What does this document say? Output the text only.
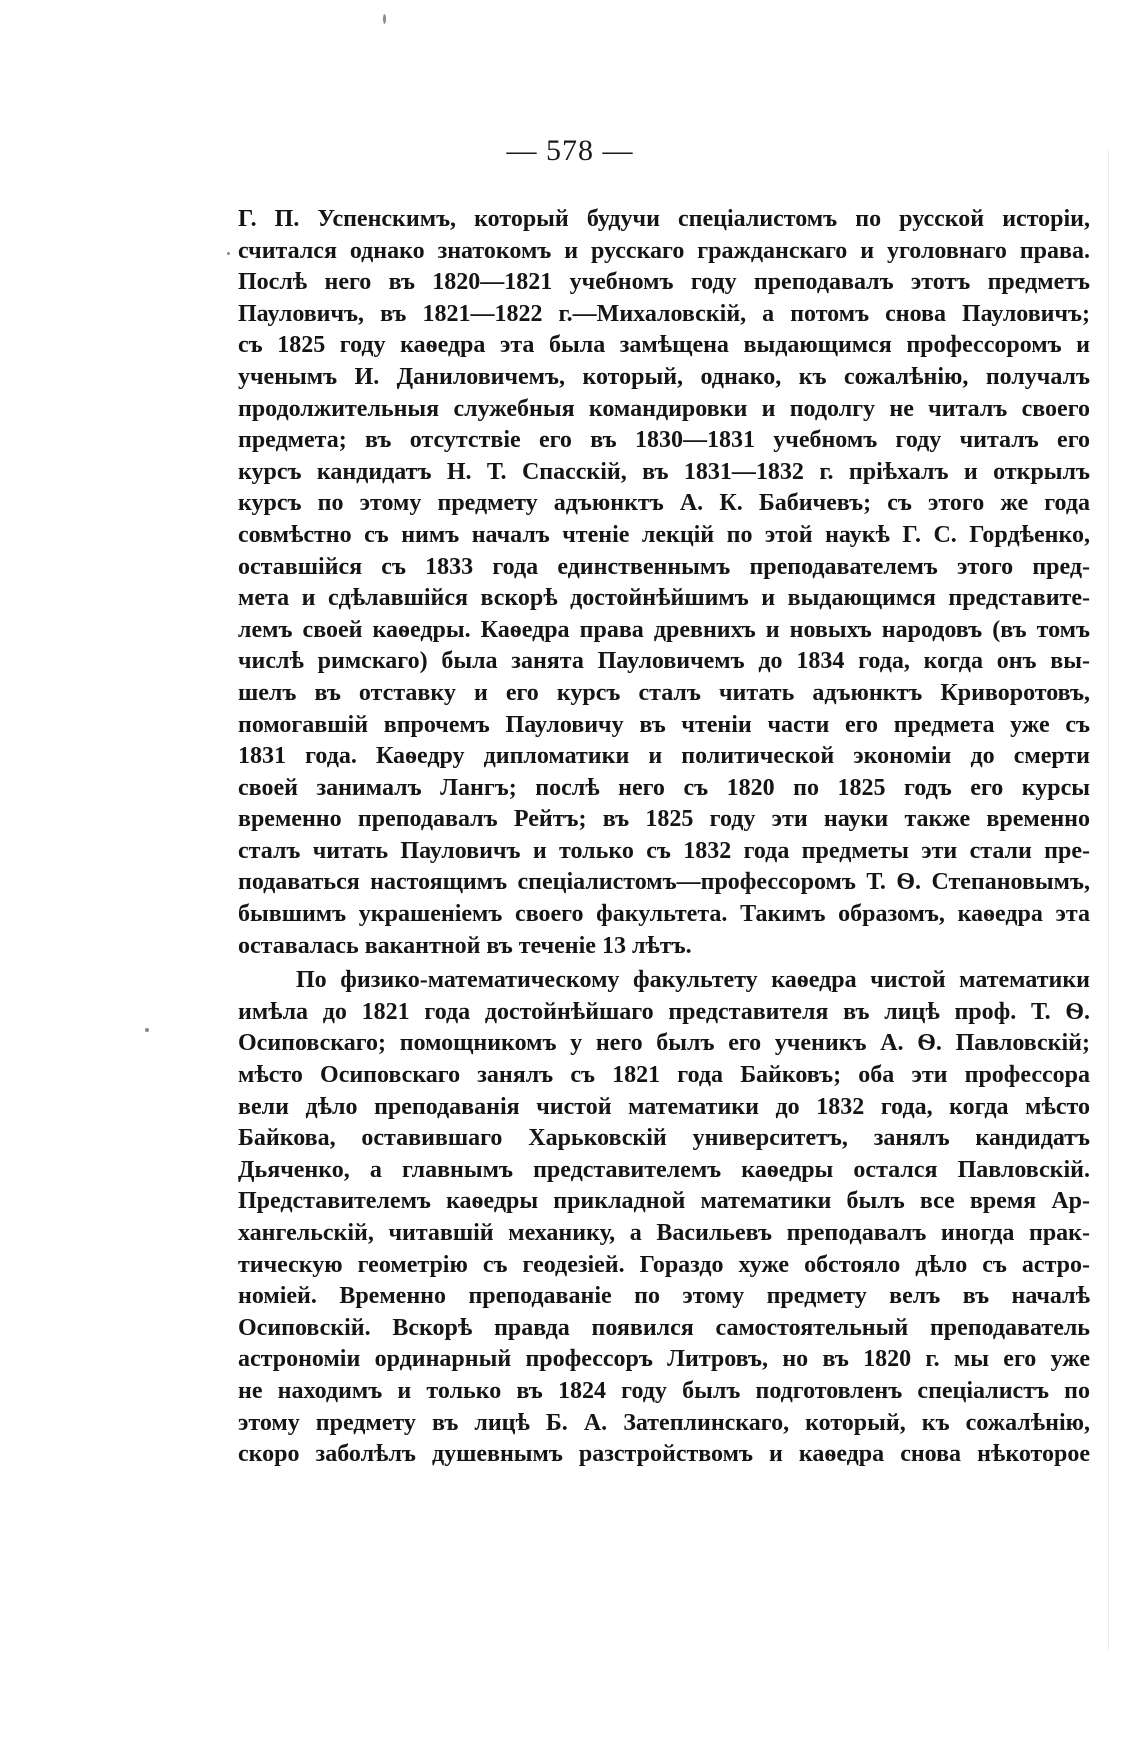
— 578 —
Г. П. Успенскимъ, который будучи спеціалистомъ по русской исторіи,
считался однако знатокомъ и русскаго гражданскаго и уголовнаго права.
Послѣ него въ 1820—1821 учебномъ году преподавалъ этотъ предметъ
Пауловичъ, въ 1821—1822 г.—Михаловскій, а потомъ снова Пауловичъ;
съ 1825 году каѳедра эта была замѣщена выдающимся профессоромъ и
ученымъ И. Даниловичемъ, который, однако, къ сожалѣнію, получалъ
продолжительныя служебныя командировки и подолгу не читалъ своего
предмета; въ отсутствіе его въ 1830—1831 учебномъ году читалъ его
курсъ кандидатъ Н. Т. Спасскій, въ 1831—1832 г. пріѣхалъ и открылъ
курсъ по этому предмету адъюнктъ А. К. Бабичевъ; съ этого же года
совмѣстно съ нимъ началъ чтеніе лекцій по этой наукѣ Г. С. Гордѣенко,
оставшійся съ 1833 года единственнымъ преподавателемъ этого пред-
мета и сдѣлавшійся вскорѣ достойнѣйшимъ и выдающимся представите-
лемъ своей каѳедры. Каѳедра права древнихъ и новыхъ народовъ (въ томъ
числѣ римскаго) была занята Пауловичемъ до 1834 года, когда онъ вы-
шелъ въ отставку и его курсъ сталъ читать адъюнктъ Криворотовъ,
помогавшій впрочемъ Пауловичу въ чтеніи части его предмета уже съ
1831 года. Каѳедру дипломатики и политической экономіи до смерти
своей занималъ Лангъ; послѣ него съ 1820 по 1825 годъ его курсы
временно преподавалъ Рейтъ; въ 1825 году эти науки также временно
сталъ читать Пауловичъ и только съ 1832 года предметы эти стали пре-
подаваться настоящимъ спеціалистомъ—профессоромъ Т. Ѳ. Степановымъ,
бывшимъ украшеніемъ своего факультета. Такимъ образомъ, каѳедра эта
оставалась вакантной въ теченіе 13 лѣтъ.
По физико-математическому факультету каѳедра чистой математики
имѣла до 1821 года достойнѣйшаго представителя въ лицѣ проф. Т. Ѳ.
Осиповскаго; помощникомъ у него былъ его ученикъ А. Ѳ. Павловскій;
мѣсто Осиповскаго занялъ съ 1821 года Байковъ; оба эти профессора
вели дѣло преподаванія чистой математики до 1832 года, когда мѣсто
Байкова, оставившаго Харьковскій университетъ, занялъ кандидатъ
Дьяченко, а главнымъ представителемъ каѳедры остался Павловскій.
Представителемъ каѳедры прикладной математики былъ все время Ар-
хангельскій, читавшій механику, а Васильевъ преподавалъ иногда прак-
тическую геометрію съ геодезіей. Гораздо хуже обстояло дѣло съ астро-
номіей. Временно преподаваніе по этому предмету велъ въ началѣ
Осиповскій. Вскорѣ правда появился самостоятельный преподаватель
астрономіи ординарный профессоръ Литровъ, но въ 1820 г. мы его уже
не находимъ и только въ 1824 году былъ подготовленъ спеціалистъ по
этому предмету въ лицѣ Б. А. Затеплинскаго, который, къ сожалѣнію,
скоро заболѣлъ душевнымъ разстройствомъ и каѳедра снова нѣкоторое
